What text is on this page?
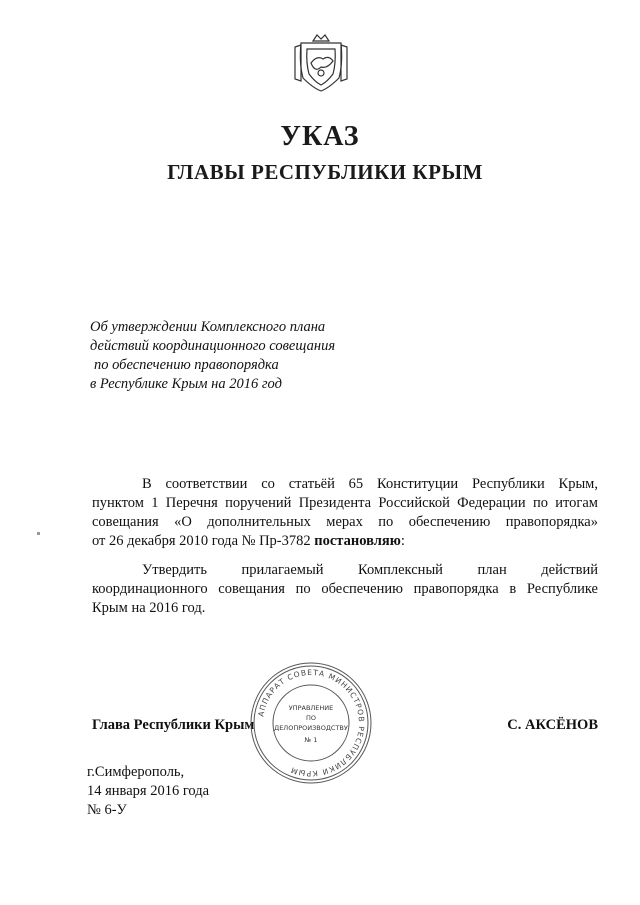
УКАЗ
ГЛАВЫ РЕСПУБЛИКИ КРЫМ
Об утверждении Комплексного плана
действий координационного совещания
по обеспечению правопорядка
в Республике Крым на 2016 год
В соответствии со статьёй 65 Конституции Республики Крым,
пунктом 1 Перечня поручений Президента Российской Федерации по итогам
совещания «О дополнительных мерах по обеспечению правопорядка»
от 26 декабря 2010 года № Пр-3782 постановляю:
Утвердить прилагаемый Комплексный план действий
координационного совещания по обеспечению правопорядка в Республике
Крым на 2016 год.
Глава Республики Крым	С. АКСЁНОВ
АППАРАТ СОВЕТА МИНИСТРОВ РЕСПУБЛИКИ КРЫМ
УПРАВЛЕНИЕ
ПО
ДЕЛОПРОИЗВОДСТВУ
№ 1
г.Симферополь,
14 января 2016 года
№ 6-У
